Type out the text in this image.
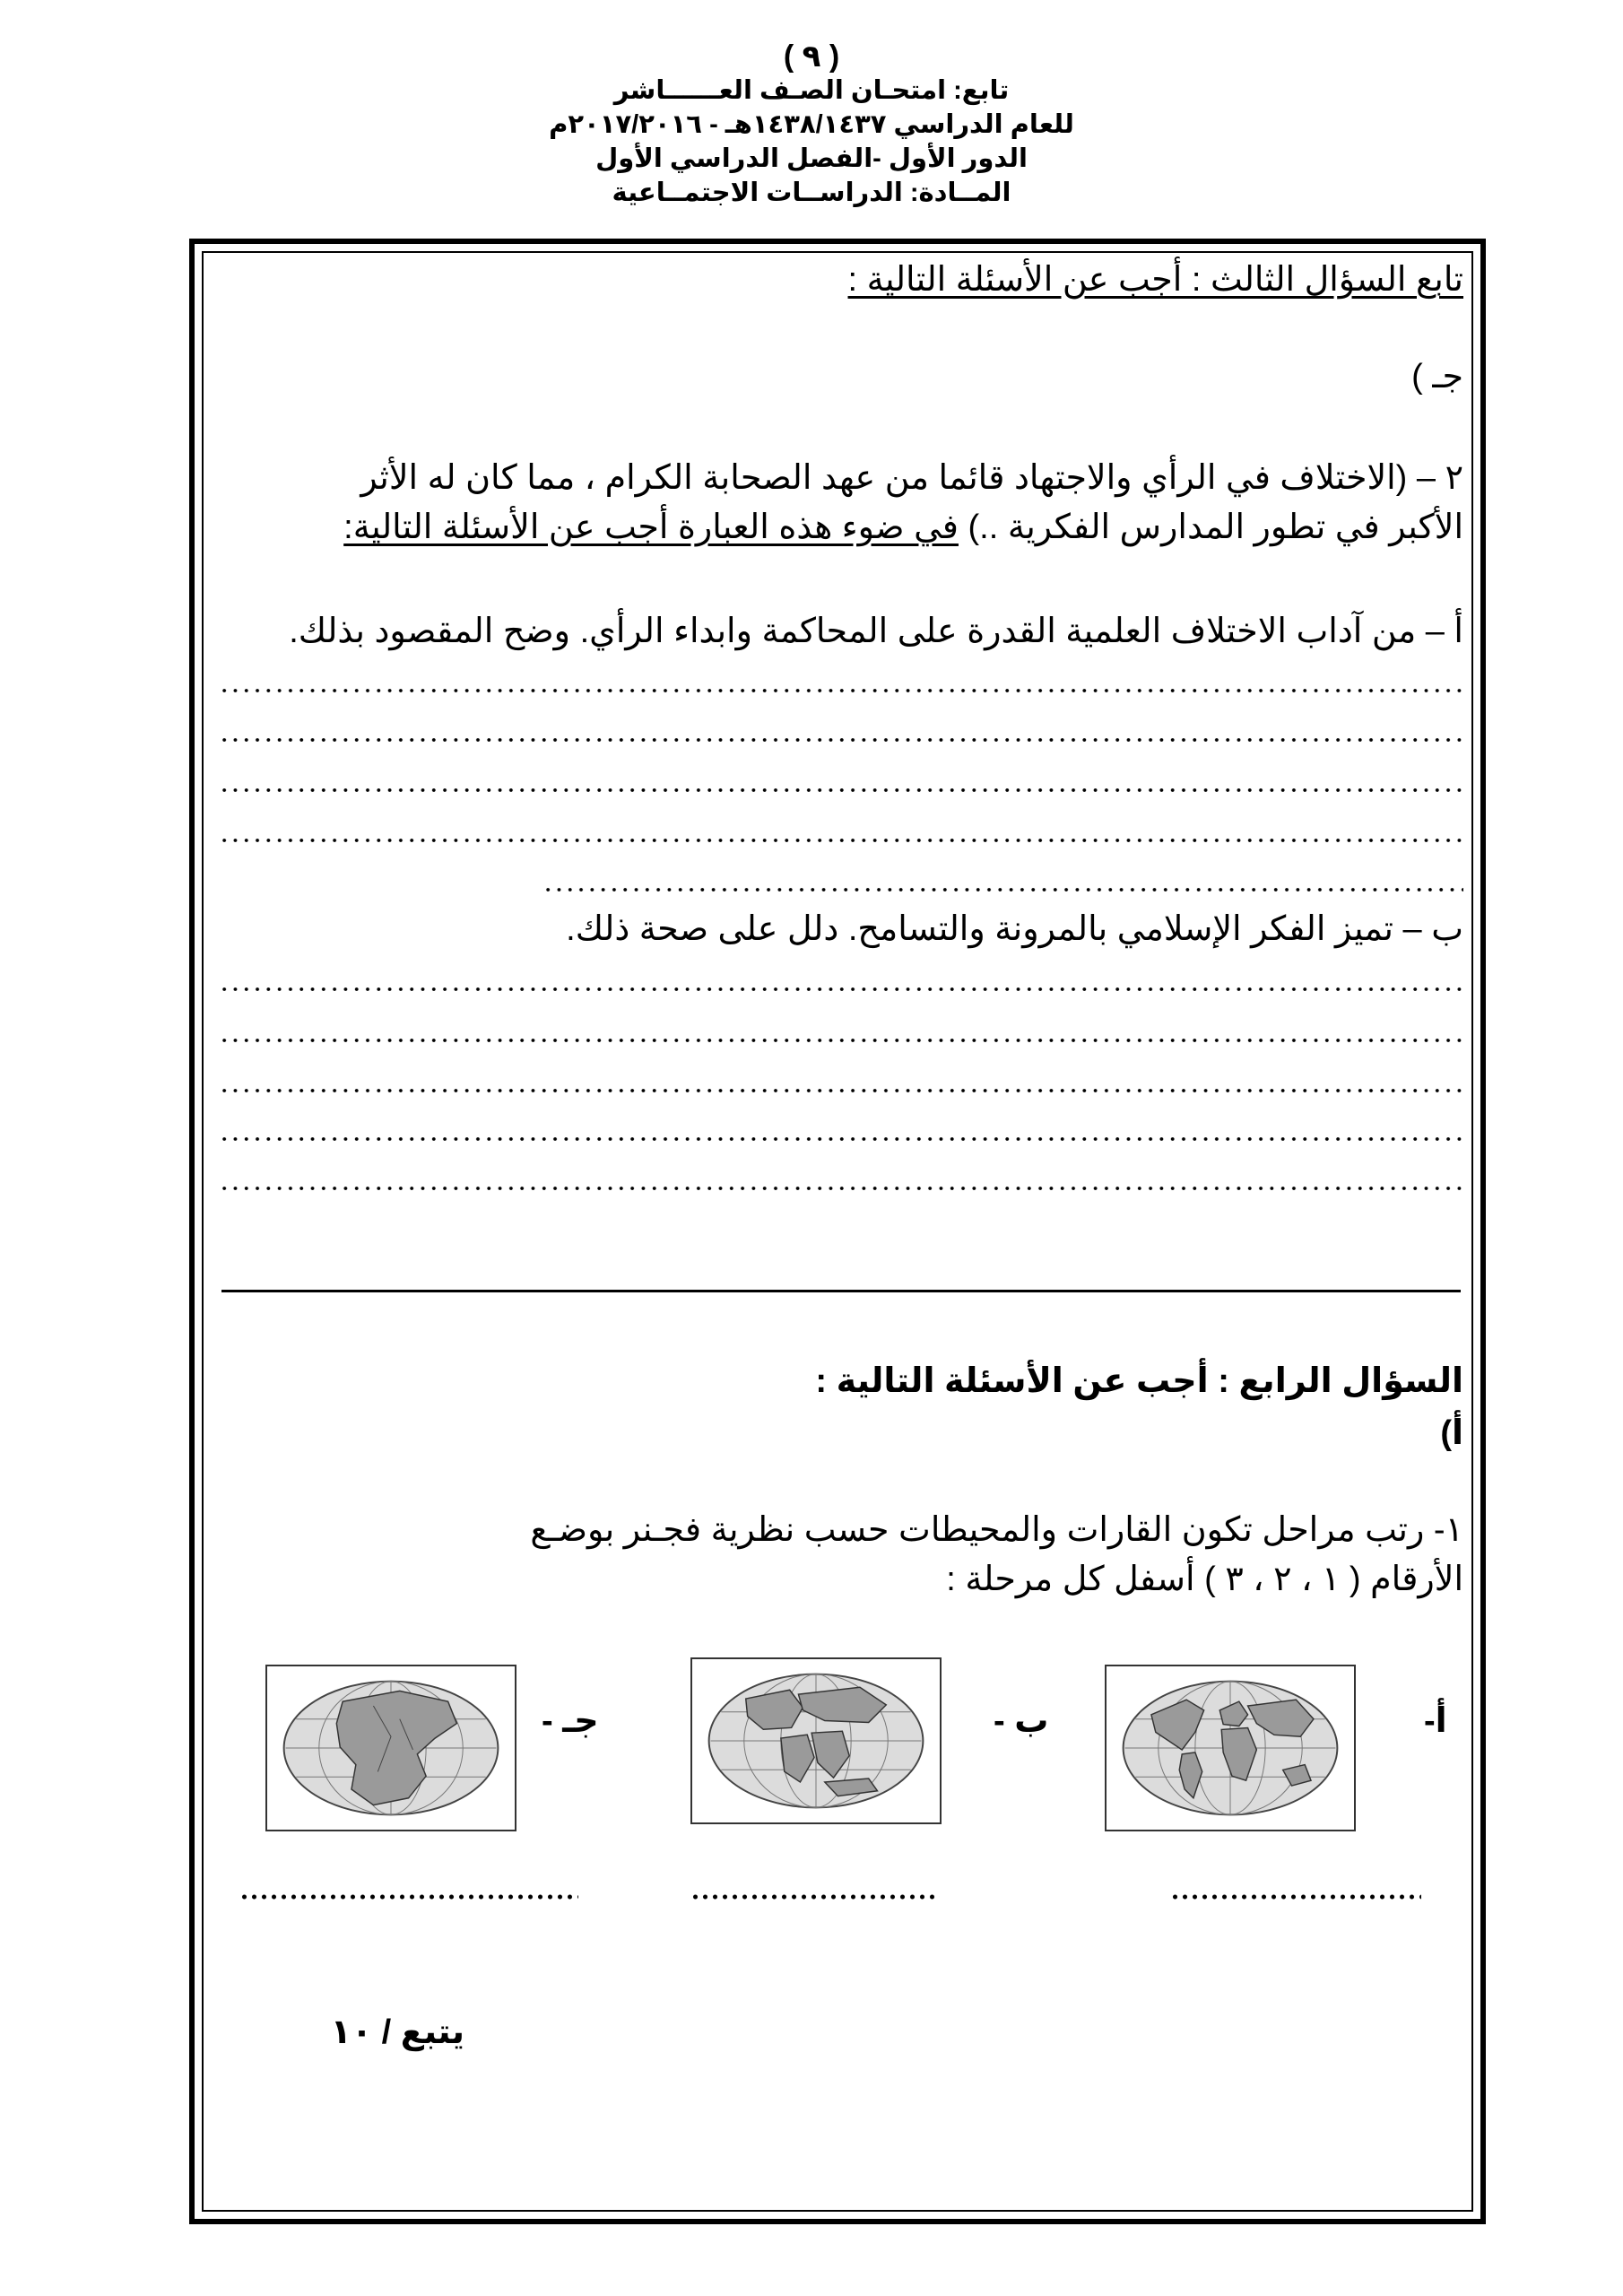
( ٩ )
تابع: امتحـان الصـف العــــــاشر
للعام الدراسي ١٤٣٨/١٤٣٧هـ - ٢٠١٧/٢٠١٦م
الدور الأول -الفصل الدراسي الأول
المــادة: الدراســات الاجتمــاعية
تابع السؤال الثالث : أجب عن الأسئلة التالية :
جـ )
٢ – (الاختلاف في الرأي والاجتهاد قائما من عهد الصحابة الكرام ، مما كان له الأثر
الأكبر في تطور المدارس الفكرية ..) في ضوء هذه العبارة أجب عن الأسئلة التالية:
أ – من آداب الاختلاف العلمية القدرة على المحاكمة وابداء الرأي. وضح المقصود بذلك.
ب – تميز الفكر الإسلامي بالمرونة والتسامح. دلل على صحة ذلك.
السؤال الرابع : أجب عن الأسئلة التالية :
أ)
١- رتب مراحل تكون القارات والمحيطات حسب نظرية فجـنر بوضـع
الأرقام ( ١ ، ٢ ، ٣ ) أسفل كل مرحلة :
أ-
ب -
جـ -
يتبع / ١٠
